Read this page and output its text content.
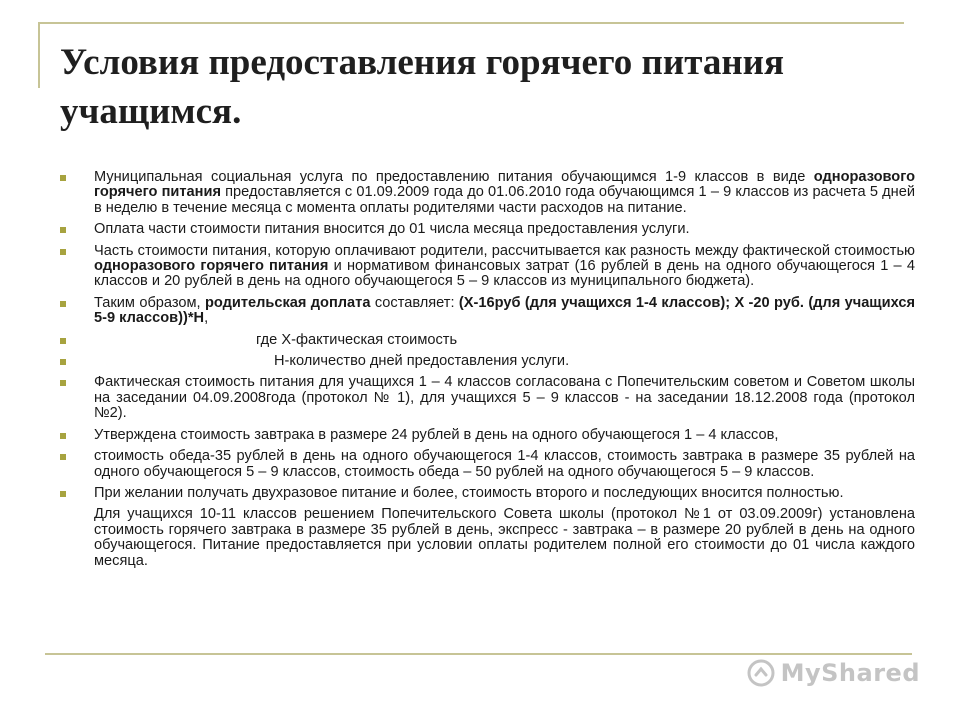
Условия предоставления горячего питания учащимся.
Муниципальная социальная услуга по предоставлению питания обучающимся 1-9 классов в виде одноразового горячего питания предоставляется с 01.09.2009 года до 01.06.2010 года обучающимся 1 – 9 классов из расчета 5 дней в неделю в течение месяца с момента оплаты родителями части расходов на питание.
Оплата части стоимости питания вносится до 01 числа месяца предоставления услуги.
Часть стоимости питания, которую оплачивают родители, рассчитывается как разность между фактической стоимостью одноразового горячего питания и нормативом финансовых затрат (16 рублей в день на одного обучающегося 1 – 4 классов и 20 рублей в день на одного обучающегося 5 – 9 классов из муниципального бюджета).
Таким образом, родительская доплата составляет: (Х-16руб (для учащихся 1-4 классов); Х -20 руб. (для учащихся 5-9 классов))*Н,
где Х-фактическая стоимость
Н-количество дней предоставления услуги.
Фактическая стоимость питания для учащихся 1 – 4 классов согласована с Попечительским советом и Советом школы на заседании 04.09.2008года (протокол № 1), для учащихся 5 – 9 классов - на заседании 18.12.2008 года (протокол №2).
Утверждена стоимость завтрака в размере 24 рублей в день на одного обучающегося 1 – 4 классов,
стоимость обеда-35 рублей в день на одного обучающегося 1-4 классов, стоимость завтрака в размере 35 рублей на одного обучающегося 5 – 9 классов, стоимость обеда – 50 рублей на одного обучающегося 5 – 9 классов.
При желании получать двухразовое питание и более, стоимость второго и последующих вносится полностью.
Для учащихся 10-11 классов решением Попечительского Совета школы (протокол №1 от 03.09.2009г) установлена стоимость горячего завтрака в размере 35 рублей в день, экспресс - завтрака – в размере 20 рублей в день на одного обучающегося. Питание предоставляется при условии оплаты родителем полной его стоимости до 01 числа каждого месяца.
MyShared
